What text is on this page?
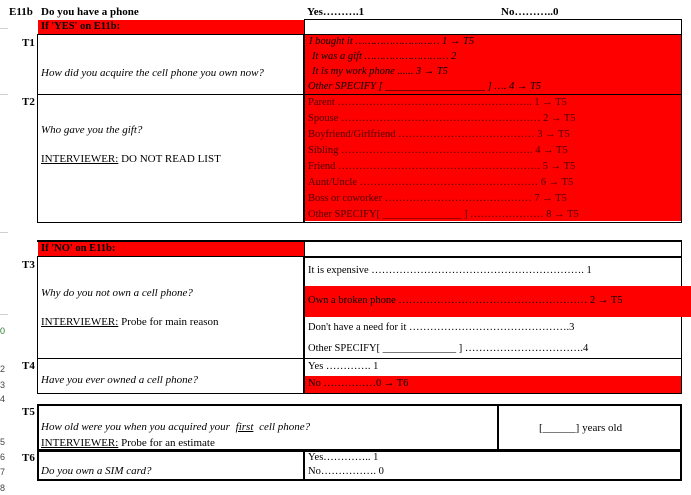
0
2
3
4
5
6
7
8
E11b Do you have a phone	Yes……….1	No………..0
If 'YES' on E11b:
T1
How did you acquire the cell phone you own now?
I bought it ……………………… 1 → T5
It was a gift ……………………… 2
It is my work phone ...... 3 → T5
Other SPECIFY [ ___________________ ] …. 4 → T5
T2
Who gave you the gift?
INTERVIEWER: DO NOT READ LIST
Parent ……………………………………………….. 1 → T5
Spouse ………………………………………………… 2 → T5
Boyfriend/Girlfriend ………………………………… 3 → T5
Sibling ………………………………………………. 4 → T5
Friend …………………………………………………. 5 → T5
Aunt/Uncle …………………………………………… 6 → T5
Boss or coworker …………………………………… 7 → T5
Other SPECIFY[ _______________ ] ………………… 8 → T5
If 'NO' on E11b:
T3
Why do you not own a cell phone?
INTERVIEWER: Probe for main reason
It is expensive ……………………………………………………. 1
Own a broken phone ……………………………………………… 2 → T5
Don't have a need for it ……………………………………….3
Other SPECIFY[ ______________ ] …………………………….4
T4
Have you ever owned a cell phone?
Yes …………. 1
No ……………0 → T6
T5
How old were you when you acquired your first cell phone?
INTERVIEWER: Probe for an estimate
[______] years old
T6
Do you own a SIM card?
Yes………….. 1
No……………. 0
